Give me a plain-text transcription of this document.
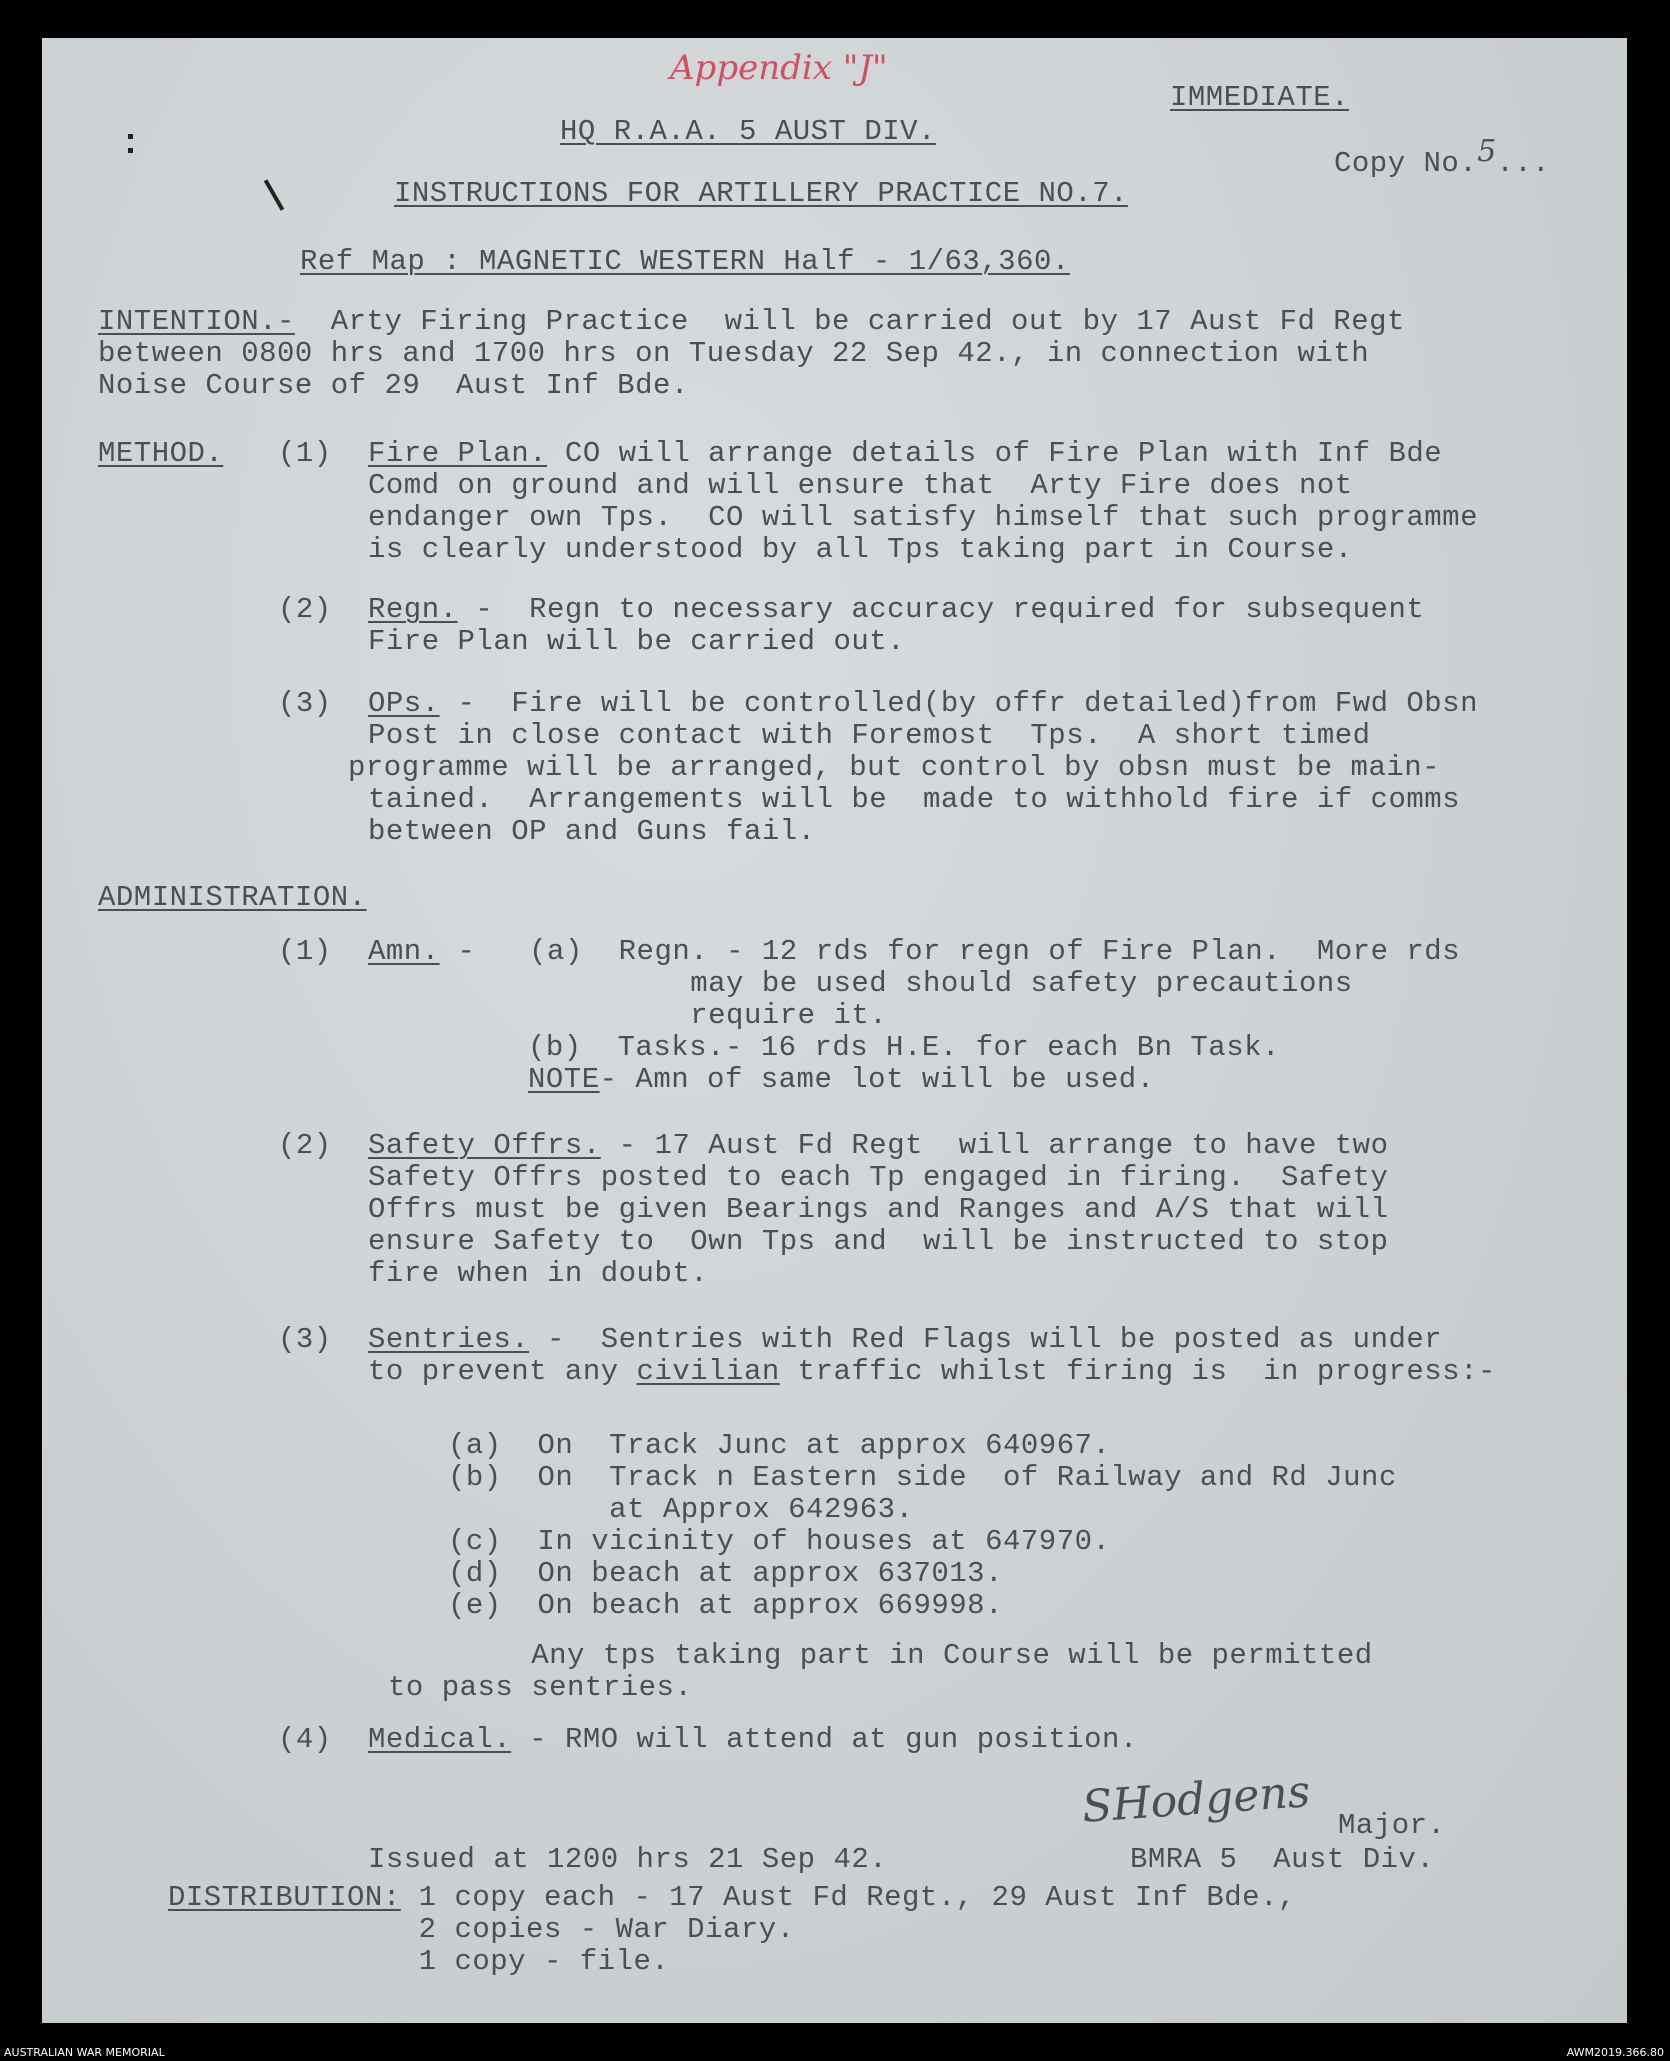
Appendix "J"
IMMEDIATE.
HQ R.A.A. 5 AUST DIV.
Copy No.5...
INSTRUCTIONS FOR ARTILLERY PRACTICE NO.7.
Ref Map : MAGNETIC WESTERN Half - 1/63,360.
INTENTION.- Arty Firing Practice  will be carried out by 17 Aust Fd Regt
between 0800 hrs and 1700 hrs on Tuesday 22 Sep 42., in connection with
Noise Course of 29  Aust Inf Bde.
METHOD. (1) Fire Plan. CO will arrange details of Fire Plan with Inf Bde
Comd on ground and will ensure that  Arty Fire does not
endanger own Tps.  CO will satisfy himself that such programme
is clearly understood by all Tps taking part in Course.
(2) Regn. -  Regn to necessary accuracy required for subsequent
Fire Plan will be carried out.
(3) OPs. -  Fire will be controlled(by offr detailed)from Fwd Obsn
Post in close contact with Foremost  Tps.  A short timed
programme will be arranged, but control by obsn must be main-
tained.  Arrangements will be  made to withhold fire if comms
between OP and Guns fail.
ADMINISTRATION.
(1) Amn. -   (a)  Regn. - 12 rds for regn of Fire Plan.  More rds
may be used should safety precautions
require it.
(b)  Tasks.- 16 rds H.E. for each Bn Task.
NOTE- Amn of same lot will be used.
(2) Safety Offrs. - 17 Aust Fd Regt  will arrange to have two
Safety Offrs posted to each Tp engaged in firing.  Safety
Offrs must be given Bearings and Ranges and A/S that will
ensure Safety to  Own Tps and  will be instructed to stop
fire when in doubt.
(3) Sentries. -  Sentries with Red Flags will be posted as under
to prevent any civilian traffic whilst firing is  in progress:-
(a)  On  Track Junc at approx 640967.
(b)  On  Track n Eastern side  of Railway and Rd Junc
at Approx 642963.
(c)  In vicinity of houses at 647970.
(d)  On beach at approx 637013.
(e)  On beach at approx 669998.
Any tps taking part in Course will be permitted
to pass sentries.
(4) Medical. - RMO will attend at gun position.
SHodgens Major.
Issued at 1200 hrs 21 Sep 42.	BMRA 5  Aust Div.
DISTRIBUTION: 1 copy each - 17 Aust Fd Regt., 29 Aust Inf Bde.,
2 copies - War Diary.
1 copy - file.
AUSTRALIAN WAR MEMORIAL	AWM2019.366.80
